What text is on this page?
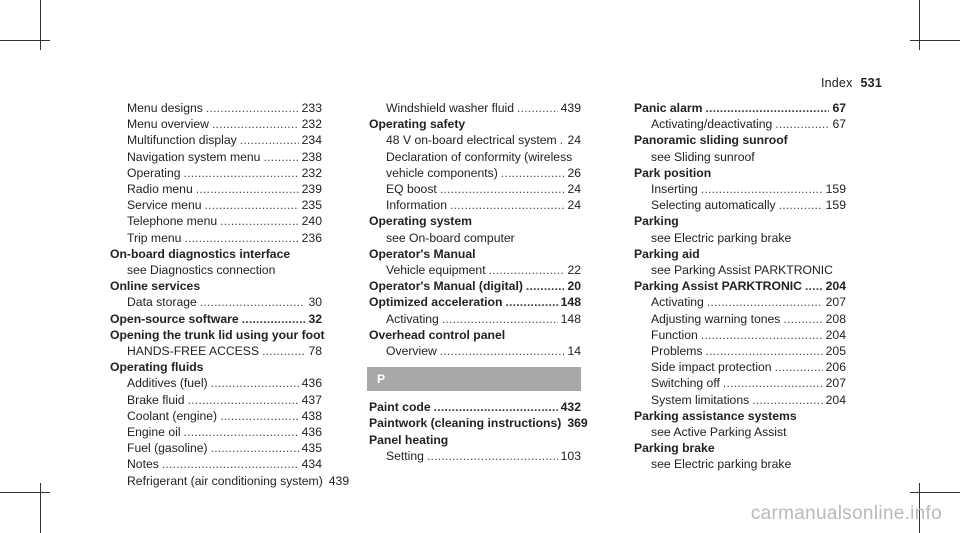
Index 531
Menu designs .....	233
Menu overview .....	232
Multifunction display .....	234
Navigation system menu .....	238
Operating .....	232
Radio menu .....	239
Service menu .....	235
Telephone menu .....	240
Trip menu .....	236
On-board diagnostics interface
see Diagnostics connection
Online services
Data storage .....	30
Open-source software .....	32
Opening the trunk lid using your foot
HANDS-FREE ACCESS .....	78
Operating fluids
Additives (fuel) .....	436
Brake fluid .....	437
Coolant (engine) .....	438
Engine oil .....	436
Fuel (gasoline) .....	435
Notes .....	434
Refrigerant (air conditioning system) 439
Windshield washer fluid .....	439
Operating safety
48 V on-board electrical system ..... 24
Declaration of conformity (wireless
vehicle components) .....	26
EQ boost .....	24
Information .....	24
Operating system
see On-board computer
Operator's Manual
Vehicle equipment .....	22
Operator's Manual (digital) .....	20
Optimized acceleration .....	148
Activating .....	148
Overhead control panel
Overview .....	14
P
Paint code .....	432
Paintwork (cleaning instructions) 369
Panel heating
Setting .....	103
Panic alarm .....	67
Activating/deactivating .....	67
Panoramic sliding sunroof
see Sliding sunroof
Park position
Inserting .....	159
Selecting automatically .....	159
Parking
see Electric parking brake
Parking aid
see Parking Assist PARKTRONIC
Parking Assist PARKTRONIC ..... 204
Activating .....	207
Adjusting warning tones .....	208
Function .....	204
Problems .....	205
Side impact protection .....	206
Switching off .....	207
System limitations .....	204
Parking assistance systems
see Active Parking Assist
Parking brake
see Electric parking brake
carmanualsonline.info
